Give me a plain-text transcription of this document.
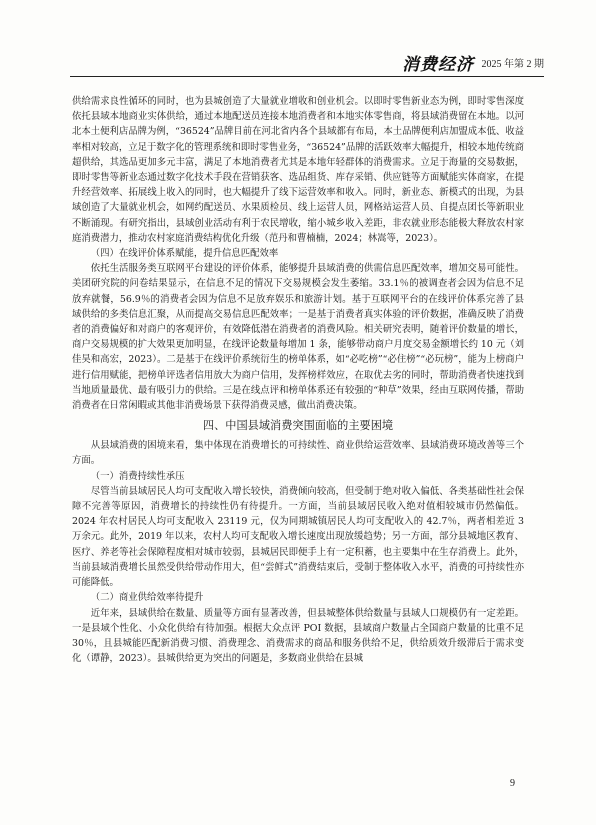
消费经济 2025 年第 2 期

供给需求良性循环的同时，也为县城创造了大量就业增收和创业机会。以即时零售新业态为例，即时零售深度依托县域本地商业实体供给，通过本地配送员连接本地消费者和本地实体零售商，将县域消费留在本地。以河北本土便利店品牌为例，“36524”品牌目前在河北省内各个县域都有布局，本土品牌便利店加盟成本低、收益率相对较高，立足于数字化的管理系统和即时零售业务，“36524”品牌的活跃效率大幅提升，相较本地传统商超供给，其选品更加多元丰富，满足了本地消费者尤其是本地年轻群体的消费需求。立足于海量的交易数据，即时零售等新业态通过数字化技术手段在营销获客、选品组货、库存采销、供应链等方面赋能实体商家，在提升经营效率、拓展线上收入的同时，也大幅提升了线下运营效率和收入。同时，新业态、新模式的出现，为县域创造了大量就业机会，如网约配送员、水果质检员、线上运营人员，网格站运营人员、自提点团长等新职业不断涌现。有研究指出，县域创业活动有利于农民增收，缩小城乡收入差距，非农就业形态能极大释放农村家庭消费潜力，推动农村家庭消费结构优化升级（范丹和曹楠楠，2024；林嵩等，2023）。

（四）在线评价体系赋能，提升信息匹配效率

依托生活服务类互联网平台建设的评价体系，能够提升县域消费的供需信息匹配效率，增加交易可能性。美团研究院的问卷结果显示，在信息不足的情况下交易规模会发生萎缩。33.1％的被调查者会因为信息不足放弃就餐，56.9％的消费者会因为信息不足放弃娱乐和旅游计划。基于互联网平台的在线评价体系完善了县域供给的多类信息汇聚，从而提高交易信息匹配效率；一是基于消费者真实体验的评价数据，准确反映了消费者的消费偏好和对商户的客观评价，有效降低潜在消费者的消费风险。相关研究表明，随着评价数量的增长，商户交易规模的扩大效果更加明显，在线评论数量每增加 1 条，能够带动商户月度交易金额增长约 10 元（刘佳昊和高宏，2023）。二是基于在线评价系统衍生的榜单体系，如“必吃榜”“必住榜”“必玩榜”，能为上榜商户进行信用赋能，把榜单评选者信用放大为商户信用，发挥榜样效应，在取优去劣的同时，帮助消费者快速找到当地质量最优、最有吸引力的供给。三是在线点评和榜单体系还有较强的“种草”效果，经由互联网传播，帮助消费者在日常闲暇或其他非消费场景下获得消费灵感，做出消费决策。

四、中国县域消费突围面临的主要困境

从县域消费的困境来看，集中体现在消费增长的可持续性、商业供给运营效率、县域消费环境改善等三个方面。

（一）消费持续性承压

尽管当前县域居民人均可支配收入增长较快，消费倾向较高，但受制于绝对收入偏低、各类基础性社会保障不完善等原因，消费增长的持续性仍有待提升。一方面，当前县域居民收入绝对值相较城市仍然偏低。2024 年农村居民人均可支配收入 23119 元，仅为同期城镇居民人均可支配收入的 42.7％，两者相差近 3 万余元。此外，2019 年以来，农村人均可支配收入增长速度出现放缓趋势；另一方面，部分县城地区教育、医疗、养老等社会保障程度相对城市较弱，县城居民即便手上有一定积蓄，也主要集中在生存消费上。此外，当前县域消费增长虽然受供给带动作用大，但“尝鲜式”消费结束后，受制于整体收入水平，消费的可持续性亦可能降低。

（二）商业供给效率待提升

近年来，县域供给在数量、质量等方面有显著改善，但县城整体供给数量与县域人口规模仍有一定差距。一是县域个性化、小众化供给有待加强。根据大众点评 POI 数据，县域商户数量占全国商户数量的比重不足 30％，且县城能匹配新消费习惯、消费理念、消费需求的商品和服务供给不足，供给质效升级滞后于需求变化（谭静，2023）。县城供给更为突出的问题是，多数商业供给在县城

9
